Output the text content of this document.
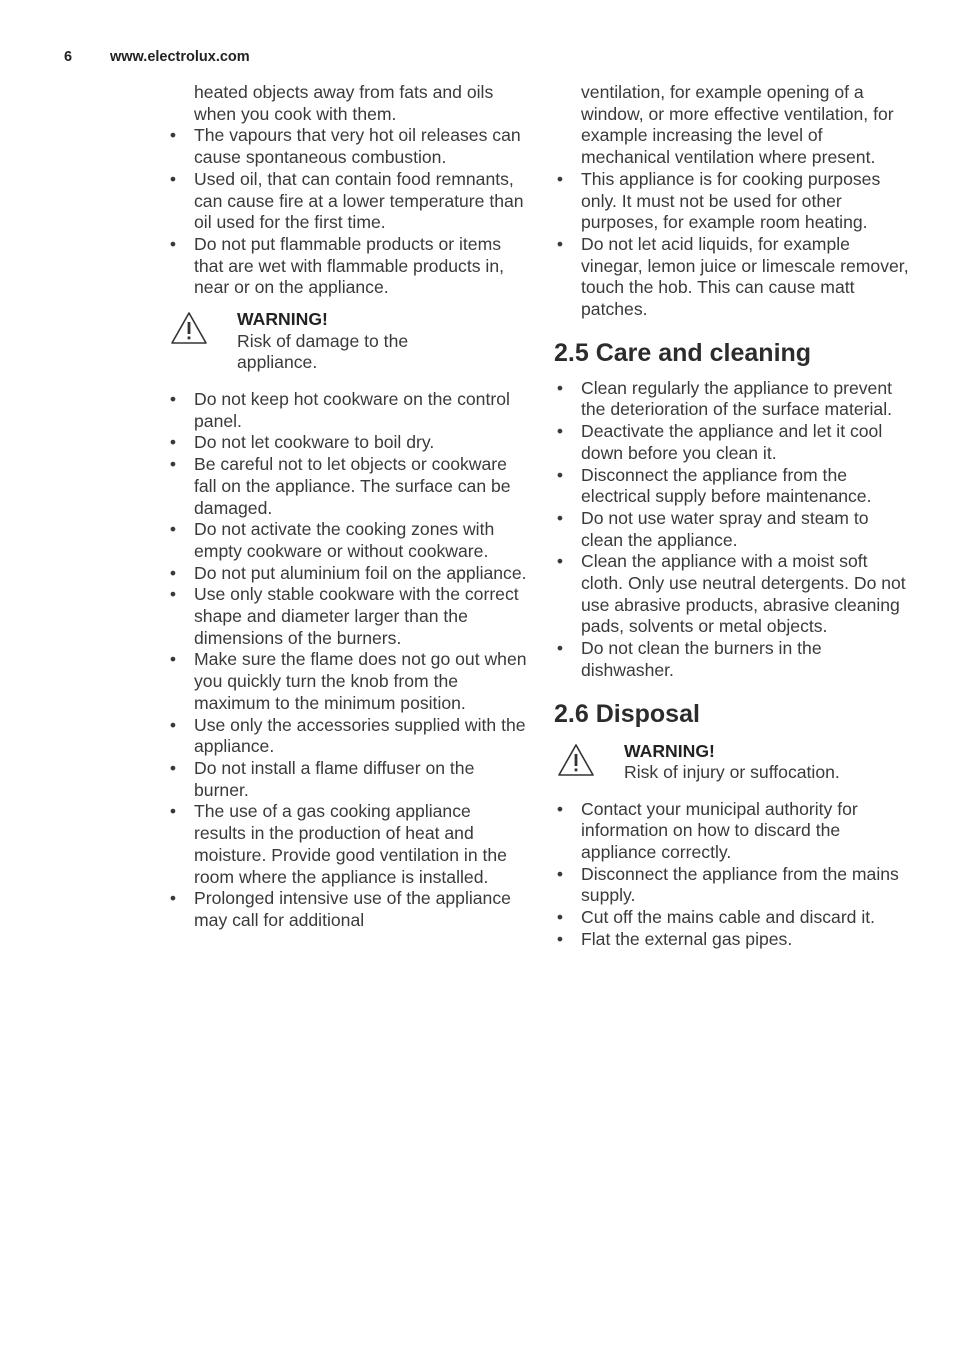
6	www.electrolux.com

heated objects away from fats and oils when you cook with them.

• The vapours that very hot oil releases can cause spontaneous combustion.
• Used oil, that can contain food remnants, can cause fire at a lower temperature than oil used for the first time.
• Do not put flammable products or items that are wet with flammable products in, near or on the appliance.
WARNING!
Risk of damage to the appliance.
• Do not keep hot cookware on the control panel.
• Do not let cookware to boil dry.
• Be careful not to let objects or cookware fall on the appliance. The surface can be damaged.
• Do not activate the cooking zones with empty cookware or without cookware.
• Do not put aluminium foil on the appliance.
• Use only stable cookware with the correct shape and diameter larger than the dimensions of the burners.
• Make sure the flame does not go out when you quickly turn the knob from the maximum to the minimum position.
• Use only the accessories supplied with the appliance.
• Do not install a flame diffuser on the burner.
• The use of a gas cooking appliance results in the production of heat and moisture. Provide good ventilation in the room where the appliance is installed.
• Prolonged intensive use of the appliance may call for additional

ventilation, for example opening of a window, or more effective ventilation, for example increasing the level of mechanical ventilation where present.

• This appliance is for cooking purposes only. It must not be used for other purposes, for example room heating.
• Do not let acid liquids, for example vinegar, lemon juice or limescale remover, touch the hob. This can cause matt patches.
2.5 Care and cleaning
• Clean regularly the appliance to prevent the deterioration of the surface material.
• Deactivate the appliance and let it cool down before you clean it.
• Disconnect the appliance from the electrical supply before maintenance.
• Do not use water spray and steam to clean the appliance.
• Clean the appliance with a moist soft cloth. Only use neutral detergents. Do not use abrasive products, abrasive cleaning pads, solvents or metal objects.
• Do not clean the burners in the dishwasher.
2.6 Disposal
WARNING!
Risk of injury or suffocation.
• Contact your municipal authority for information on how to discard the appliance correctly.
• Disconnect the appliance from the mains supply.
• Cut off the mains cable and discard it.
• Flat the external gas pipes.
